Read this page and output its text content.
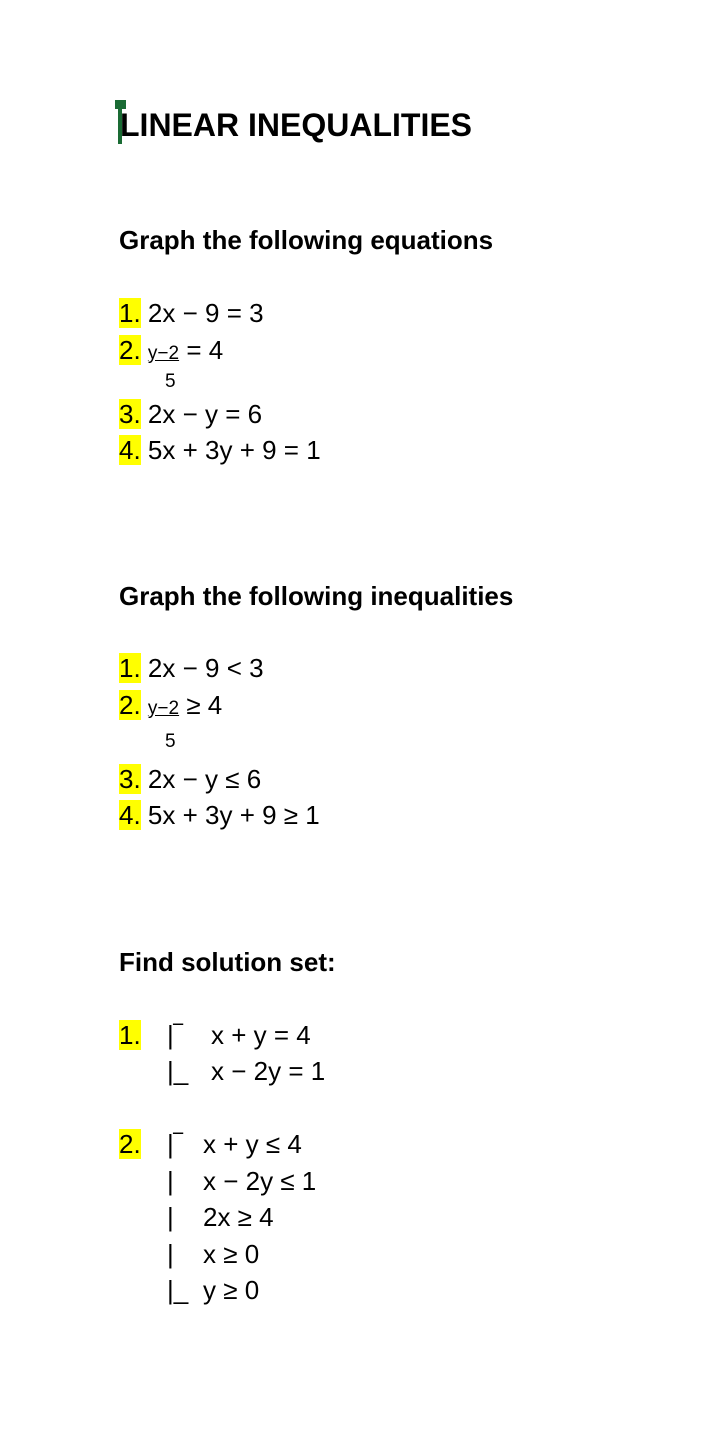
LINEAR INEQUALITIES
Graph the following equations
1. 2x − 9 = 3
2. y−2 = 4
5
3. 2x − y = 6
4. 5x + 3y + 9 = 1
Graph the following inequalities
1. 2x − 9 < 3
2. y−2 ≥ 4
5
3. 2x − y ≤ 6
4. 5x + 3y + 9 ≥ 1
Find solution set:
1. |‾
|_
x + y = 4
x − 2y = 1
2. |‾
|
|
|
|_
x + y ≤ 4
x − 2y ≤ 1
2x ≥ 4
x ≥ 0
y ≥ 0
